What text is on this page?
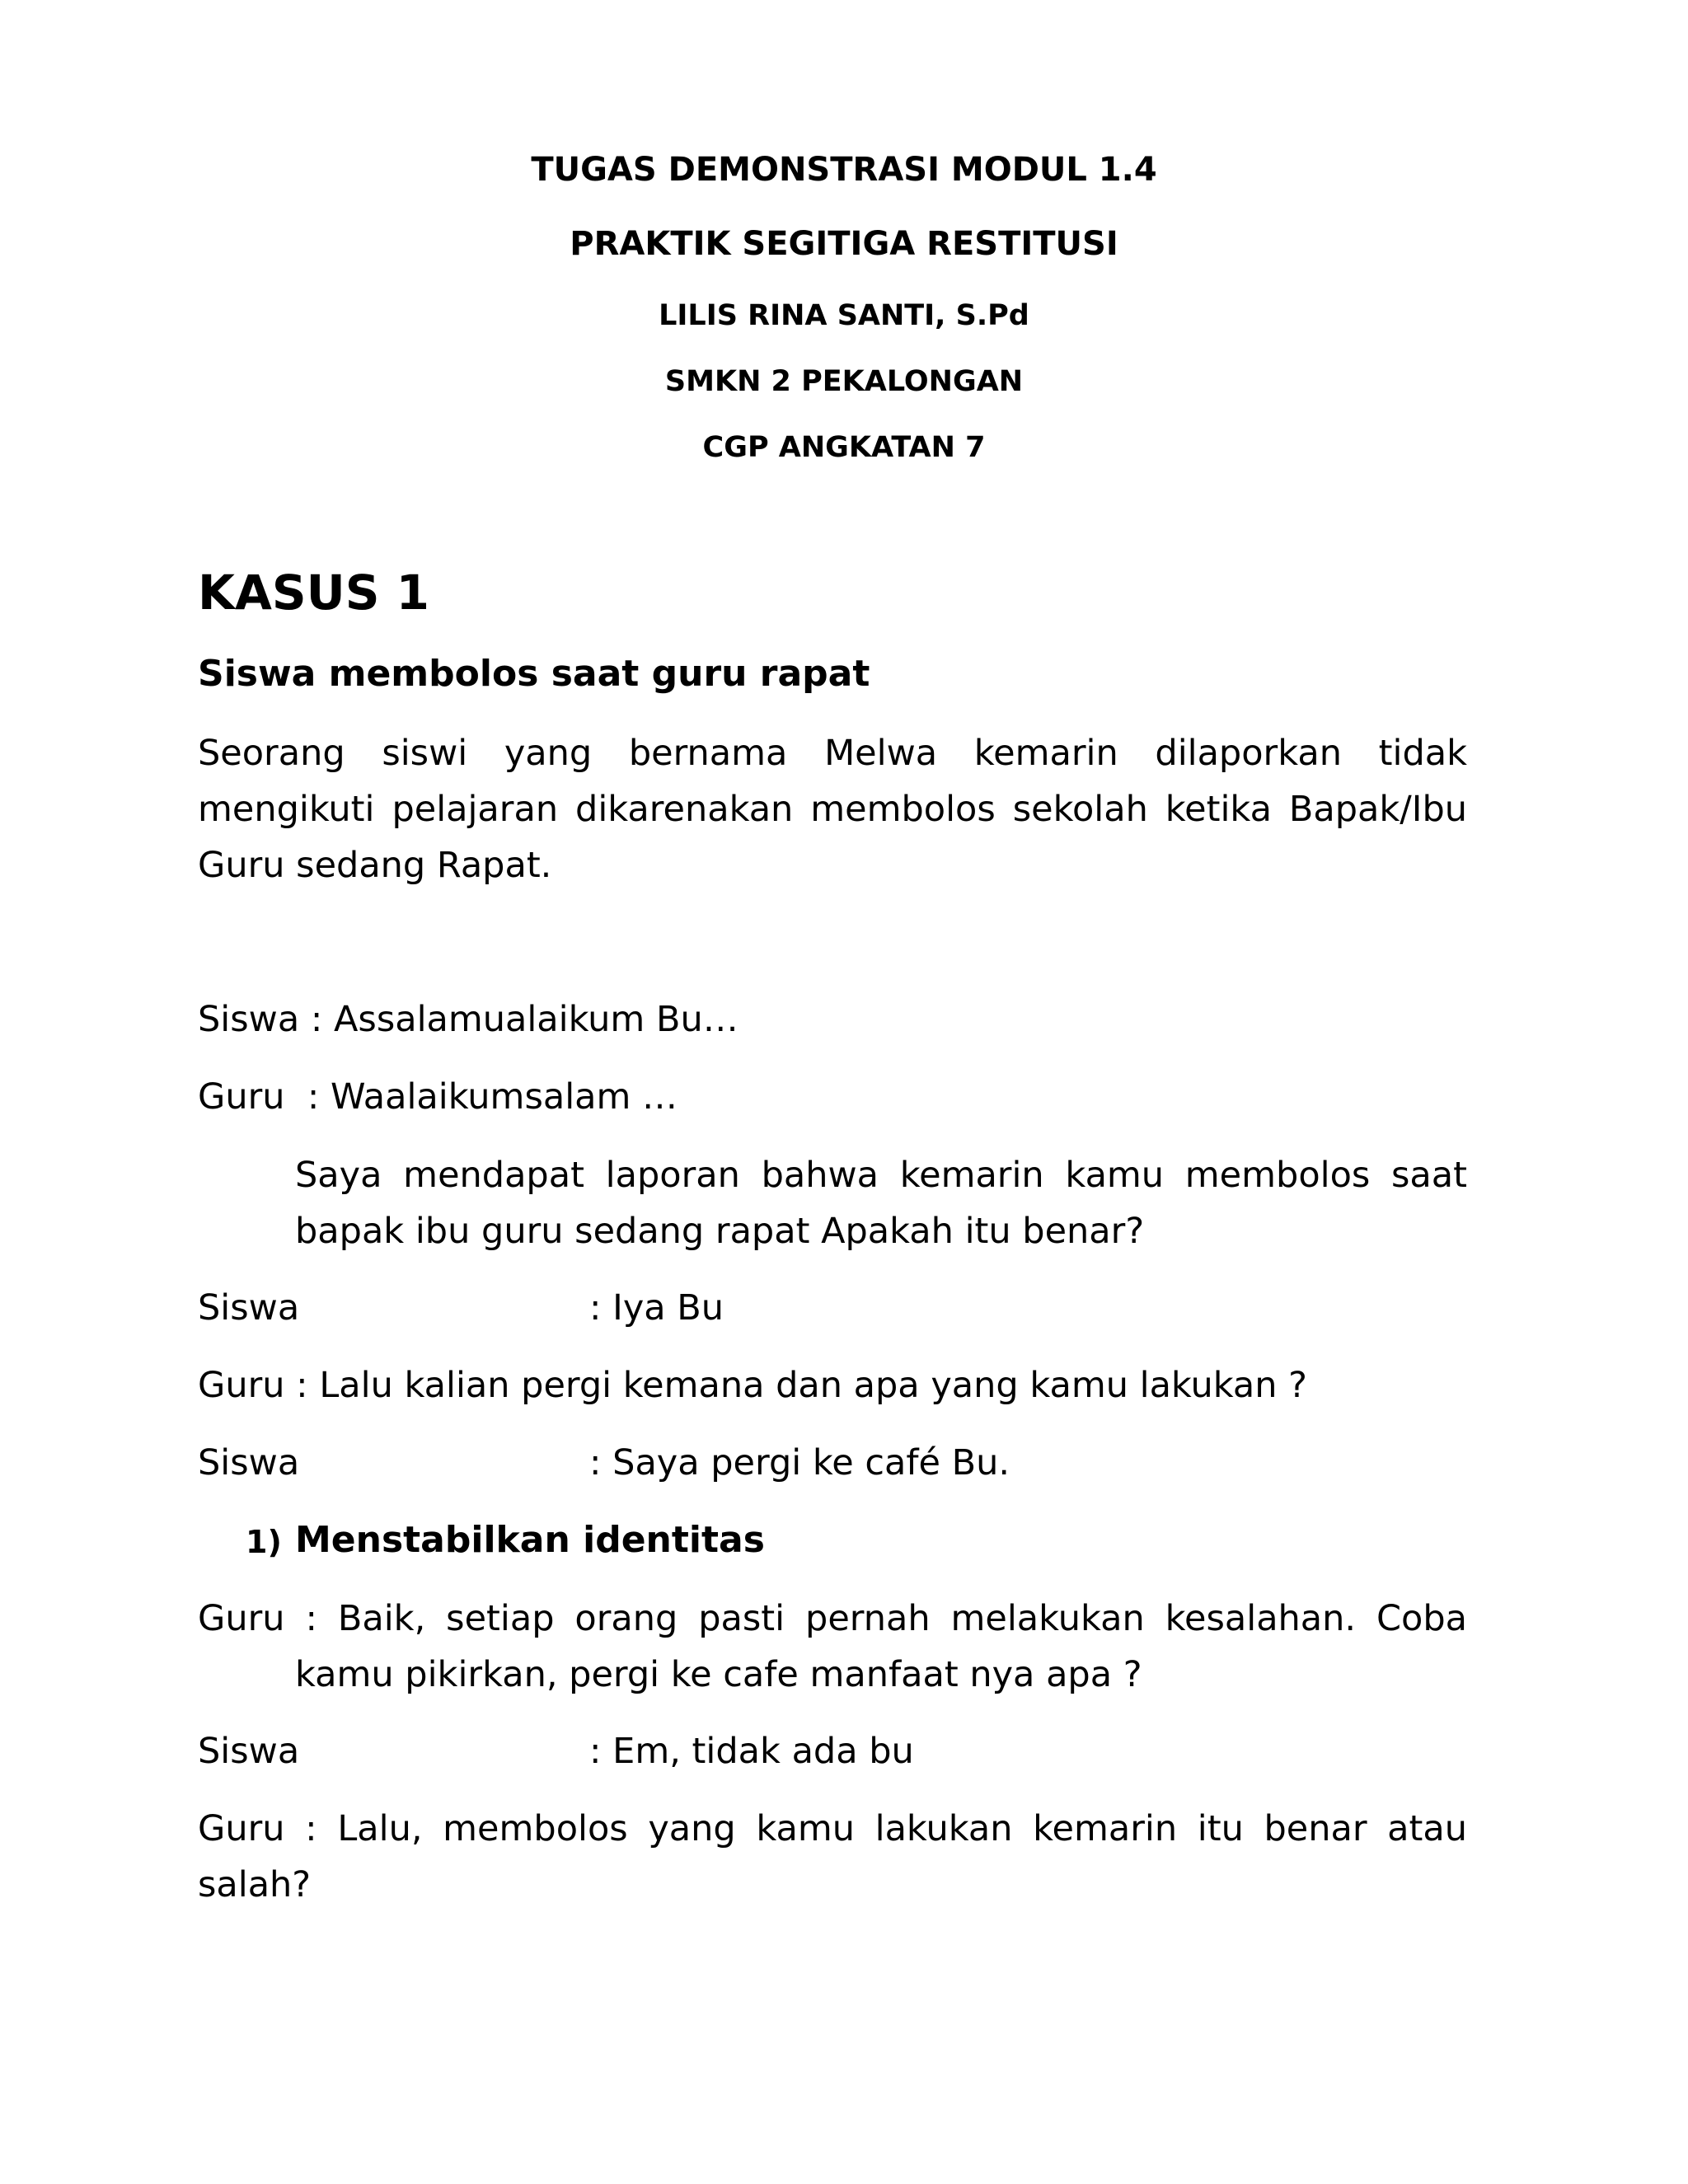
TUGAS DEMONSTRASI MODUL 1.4
PRAKTIK SEGITIGA RESTITUSI
LILIS RINA SANTI, S.Pd
SMKN 2 PEKALONGAN
CGP ANGKATAN 7
KASUS 1
Siswa membolos saat guru rapat
Seorang siswi yang bernama Melwa kemarin dilaporkan tidak mengikuti pelajaran dikarenakan membolos sekolah ketika Bapak/Ibu Guru sedang Rapat.
Siswa : Assalamualaikum Bu…
Guru  : Waalaikumsalam …
Saya mendapat laporan bahwa kemarin kamu membolos saat bapak ibu guru sedang rapat Apakah itu benar?
Siswa	: Iya Bu
Guru : Lalu kalian pergi kemana dan apa yang kamu lakukan ?
Siswa	: Saya pergi ke café Bu.
1) Menstabilkan identitas
Guru : Baik, setiap orang pasti pernah melakukan kesalahan. Coba kamu pikirkan, pergi ke cafe manfaat nya apa ?
Siswa	: Em, tidak ada bu
Guru : Lalu, membolos yang kamu lakukan kemarin itu benar atau salah?
